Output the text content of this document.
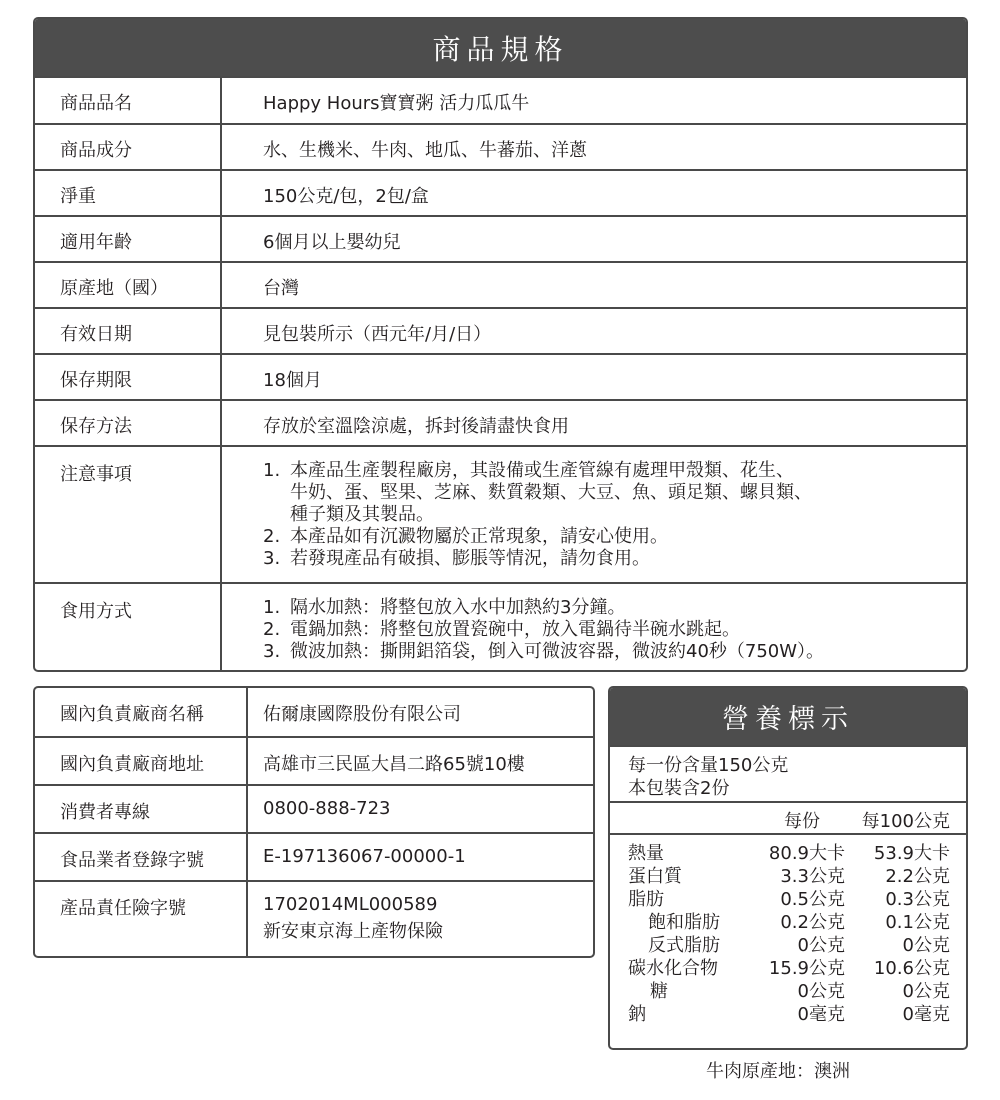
商品規格
商品品名	Happy Hours寶寶粥 活力瓜瓜牛
商品成分	水、生機米、牛肉、地瓜、牛蕃茄、洋蔥
淨重	150公克/包，2包/盒
適用年齡	6個月以上嬰幼兒
原產地（國）	台灣
有效日期	見包裝所示（西元年/月/日）
保存期限	18個月
保存方法	存放於室溫陰涼處，拆封後請盡快食用
注意事項	1. 本產品生產製程廠房，其設備或生產管線有處理甲殼類、花生、
牛奶、蛋、堅果、芝麻、麩質穀類、大豆、魚、頭足類、螺貝類、
種子類及其製品。
2. 本產品如有沉澱物屬於正常現象，請安心使用。
3. 若發現產品有破損、膨脹等情況，請勿食用。
食用方式	1. 隔水加熱：將整包放入水中加熱約3分鐘。
2. 電鍋加熱：將整包放置瓷碗中，放入電鍋待半碗水跳起。
3. 微波加熱：撕開鋁箔袋，倒入可微波容器，微波約40秒（750W）。
國內負責廠商名稱	佑爾康國際股份有限公司
國內負責廠商地址	高雄市三民區大昌二路65號10樓
消費者專線	0800-888-723
食品業者登錄字號	E-197136067-00000-1
產品責任險字號	1702014ML000589
新安東京海上產物保險
營養標示
每一份含量150公克
本包裝含2份
每份 每100公克
熱量	80.9大卡 53.9大卡
蛋白質	3.3公克 2.2公克
脂肪	0.5公克 0.3公克
飽和脂肪	0.2公克 0.1公克
反式脂肪	0公克	0公克
碳水化合物	15.9公克 10.6公克
糖	0公克	0公克
鈉	0毫克	0毫克
牛肉原產地：澳洲
